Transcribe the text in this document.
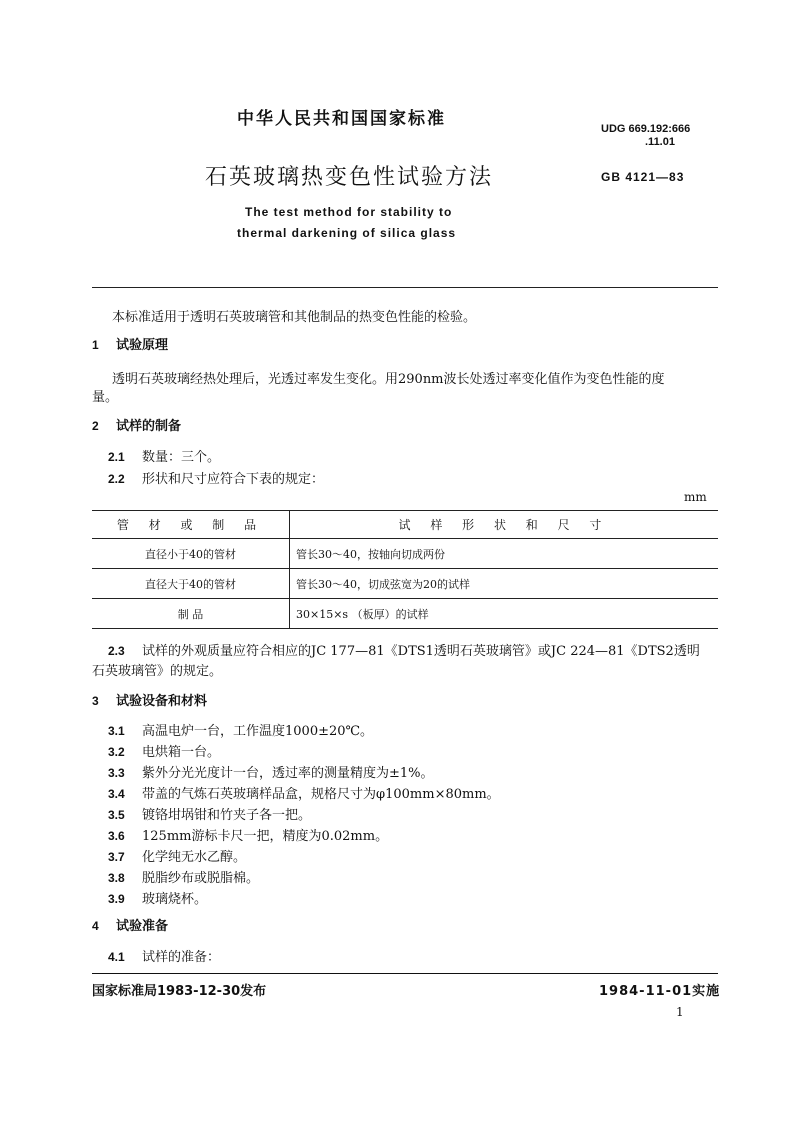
中华人民共和国国家标准	UDG 669.192:666
.11.01
石英玻璃热变色性试验方法	GB 4121—83
The test method for stability to
thermal darkening of silica glass
本标准适用于透明石英玻璃管和其他制品的热变色性能的检验。
1 试验原理
透明石英玻璃经热处理后，光透过率发生变化。用290nm波长处透过率变化值作为变色性能的度
量。
2 试样的制备
2.1 数量：三个。
2.2 形状和尺寸应符合下表的规定：
mm
管 材 或 制 品	试 样 形 状 和 尺 寸
直径小于40的管材	管长30～40，按轴向切成两份
直径大于40的管材	管长30～40，切成弦宽为20的试样
制 品	30×15×s （板厚）的试样
2.3 试样的外观质量应符合相应的JC 177—81《DTS1透明石英玻璃管》或JC 224—81《DTS2透明
石英玻璃管》的规定。
3 试验设备和材料
3.1 高温电炉一台，工作温度1000±20℃。
3.2 电烘箱一台。
3.3 紫外分光光度计一台，透过率的测量精度为±1%。
3.4 带盖的气炼石英玻璃样品盒，规格尺寸为φ100mm×80mm。
3.5 镀铬坩埚钳和竹夹子各一把。
3.6 125mm游标卡尺一把，精度为0.02mm。
3.7 化学纯无水乙醇。
3.8 脱脂纱布或脱脂棉。
3.9 玻璃烧杯。
4 试验准备
4.1 试样的准备：
国家标准局1983-12-30发布	1984-11-01实施
1
